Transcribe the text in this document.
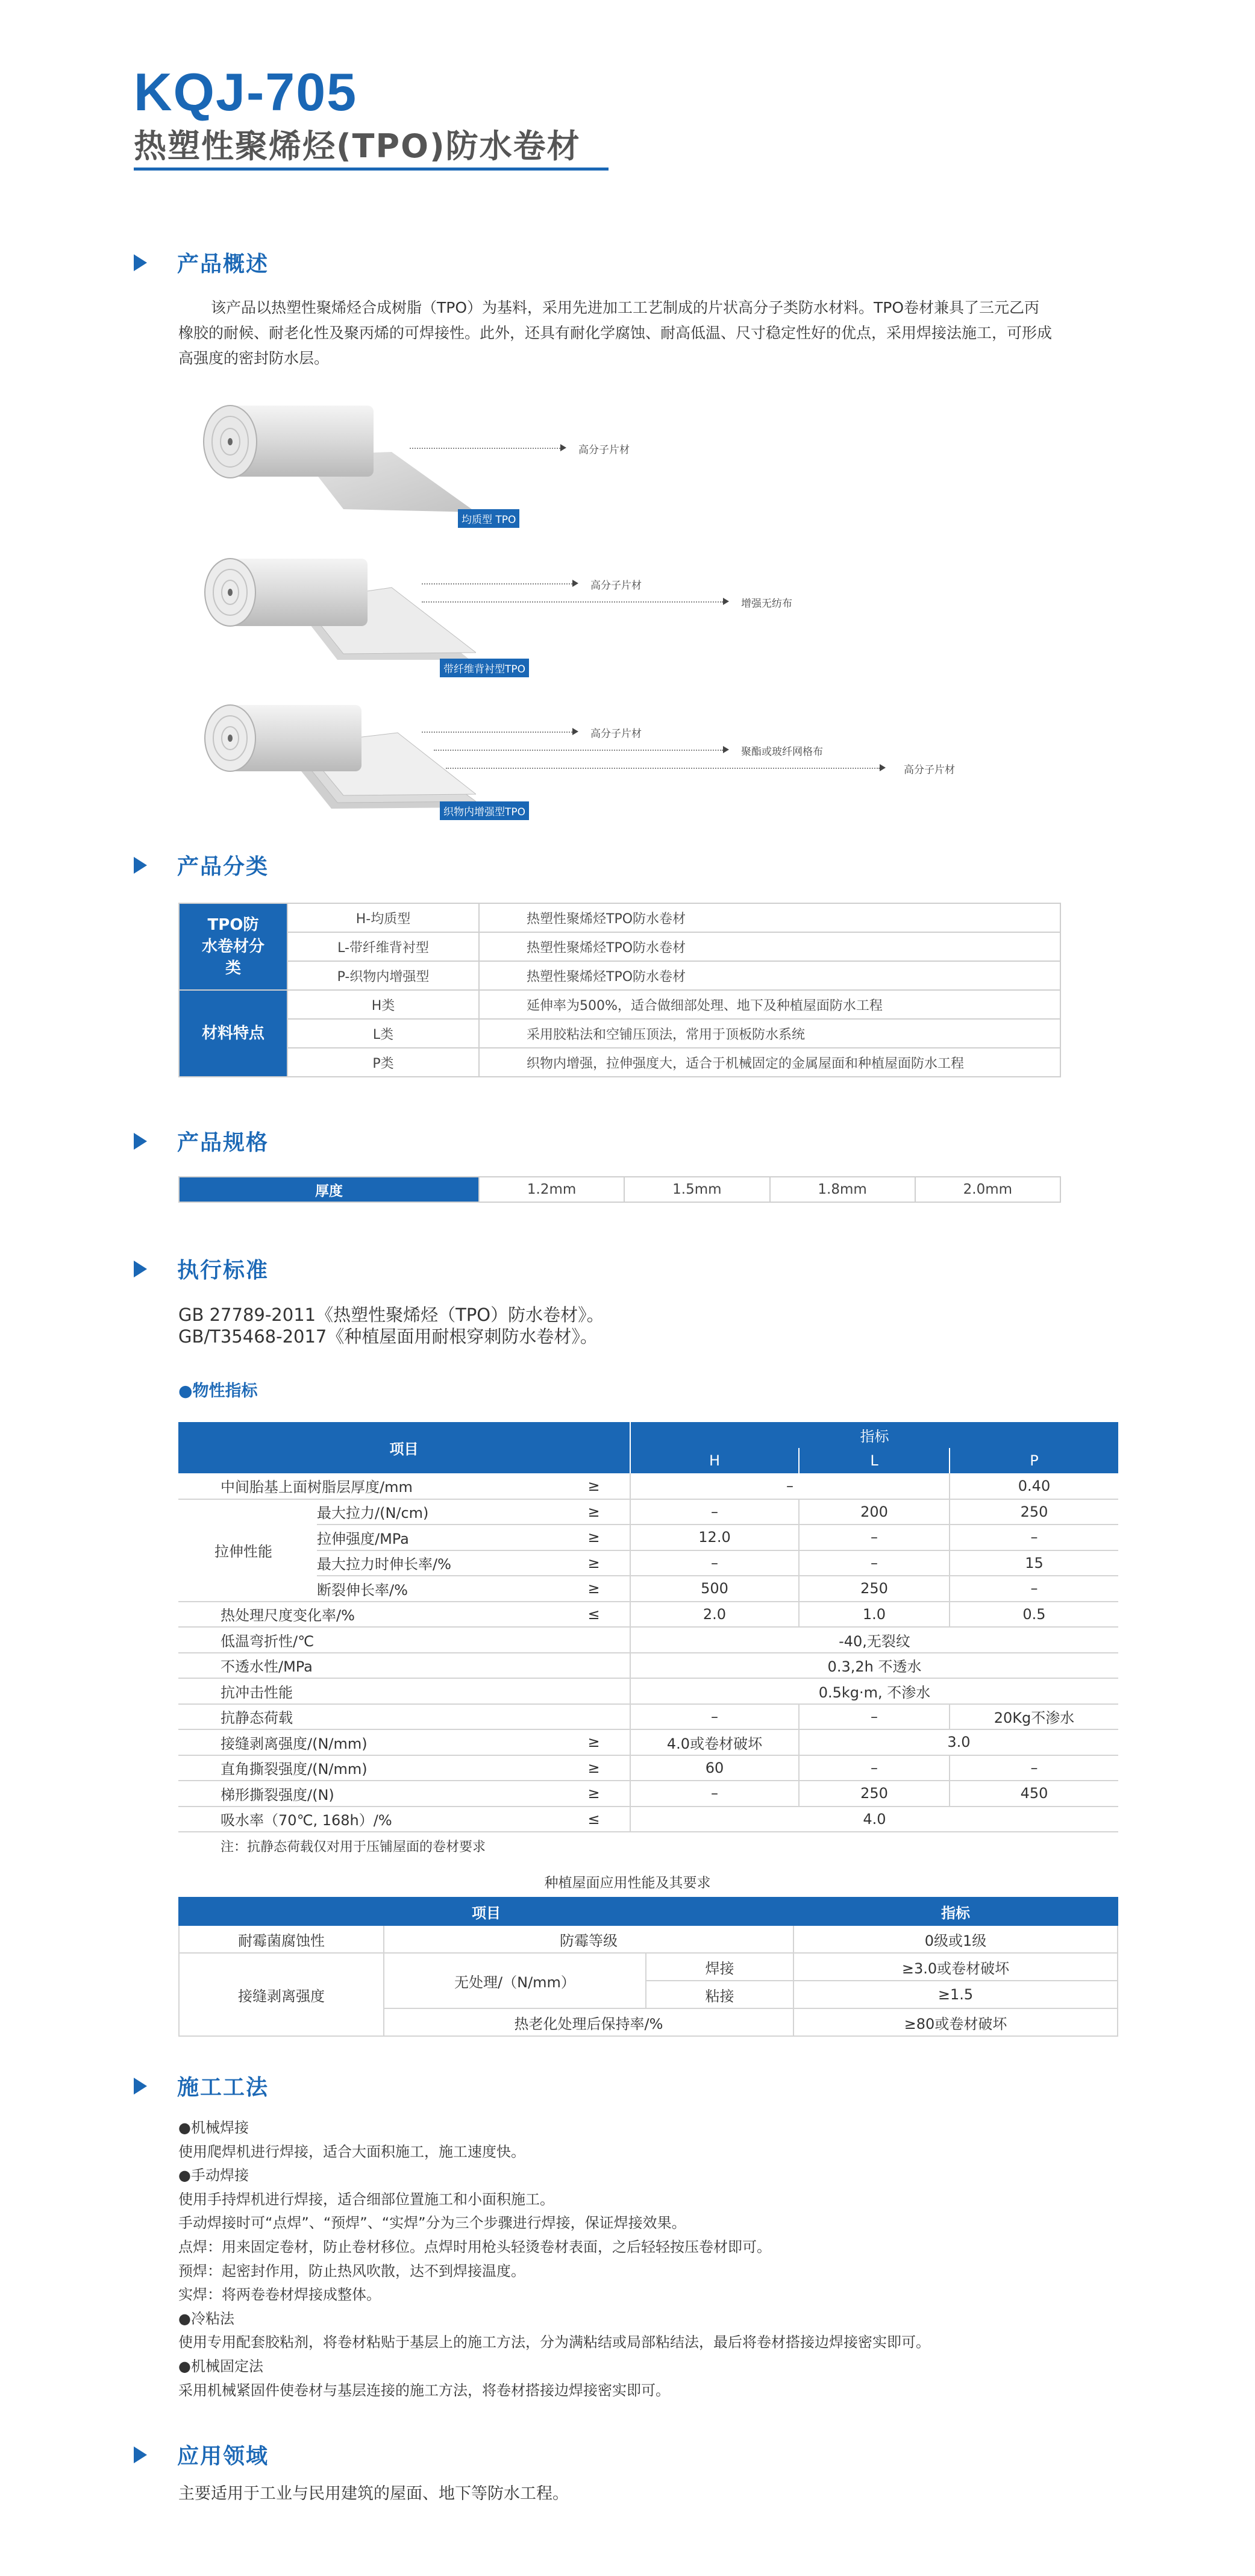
KQJ-705
热塑性聚烯烃(TPO)防水卷材
产品概述
该产品以热塑性聚烯烃合成树脂（TPO）为基料，采用先进加工工艺制成的片状高分子类防水材料。TPO卷材兼具了三元乙丙橡胶的耐候、耐老化性及聚丙烯的可焊接性。此外，还具有耐化学腐蚀、耐高低温、尺寸稳定性好的优点，采用焊接法施工，可形成高强度的密封防水层。
高分子片材
均质型 TPO
高分子片材
增强无纺布
带纤维背衬型TPO
高分子片材
聚酯或玻纤网格布
高分子片材
织物内增强型TPO
产品分类
TPO防水卷材分类	H-均质型	热塑性聚烯烃TPO防水卷材
	L-带纤维背衬型	热塑性聚烯烃TPO防水卷材
	P-织物内增强型	热塑性聚烯烃TPO防水卷材
材料特点	H类	延伸率为500%，适合做细部处理、地下及种植屋面防水工程
	L类	采用胶粘法和空铺压顶法，常用于顶板防水系统
	P类	织物内增强，拉伸强度大，适合于机械固定的金属屋面和种植屋面防水工程
产品规格
厚度	1.2mm	1.5mm	1.8mm	2.0mm
执行标准
GB 27789-2011《热塑性聚烯烃（TPO）防水卷材》。
GB/T35468-2017《种植屋面用耐根穿刺防水卷材》。
●物性指标
项目			指标		
			H	L	P
中间胎基上面树脂层厚度/mm		≥	–		0.40
拉伸性能	最大拉力/(N/cm)	≥	–	200	250
	拉伸强度/MPa	≥	12.0	–	–
	最大拉力时伸长率/%	≥	–	–	15
	断裂伸长率/%	≥	500	250	–
热处理尺度变化率/%		≤	2.0	1.0	0.5
低温弯折性/℃			-40,无裂纹		
不透水性/MPa			0.3,2h 不透水		
抗冲击性能			0.5kg·m, 不渗水		
抗静态荷载			–	–	20Kg不渗水
接缝剥离强度/(N/mm)		≥	4.0或卷材破坏	3.0	
直角撕裂强度/(N/mm)		≥	60	–	–
梯形撕裂强度/(N)		≥	–	250	450
吸水率（70℃, 168h）/%		≤	4.0		
注：抗静态荷载仅对用于压铺屋面的卷材要求
种植屋面应用性能及其要求
项目			指标
耐霉菌腐蚀性	防霉等级		0级或1级
接缝剥离强度	无处理/（N/mm）	焊接	≥3.0或卷材破坏
		粘接	≥1.5
	热老化处理后保持率/%		≥80或卷材破坏
施工工法
●机械焊接
使用爬焊机进行焊接，适合大面积施工，施工速度快。
●手动焊接
使用手持焊机进行焊接，适合细部位置施工和小面积施工。
手动焊接时可“点焊”、“预焊”、“实焊”分为三个步骤进行焊接，保证焊接效果。
点焊：用来固定卷材，防止卷材移位。点焊时用枪头轻烫卷材表面，之后轻轻按压卷材即可。
预焊：起密封作用，防止热风吹散，达不到焊接温度。
实焊：将两卷卷材焊接成整体。
●冷粘法
使用专用配套胶粘剂，将卷材粘贴于基层上的施工方法，分为满粘结或局部粘结法，最后将卷材搭接边焊接密实即可。
●机械固定法
采用机械紧固件使卷材与基层连接的施工方法，将卷材搭接边焊接密实即可。
应用领域
主要适用于工业与民用建筑的屋面、地下等防水工程。
